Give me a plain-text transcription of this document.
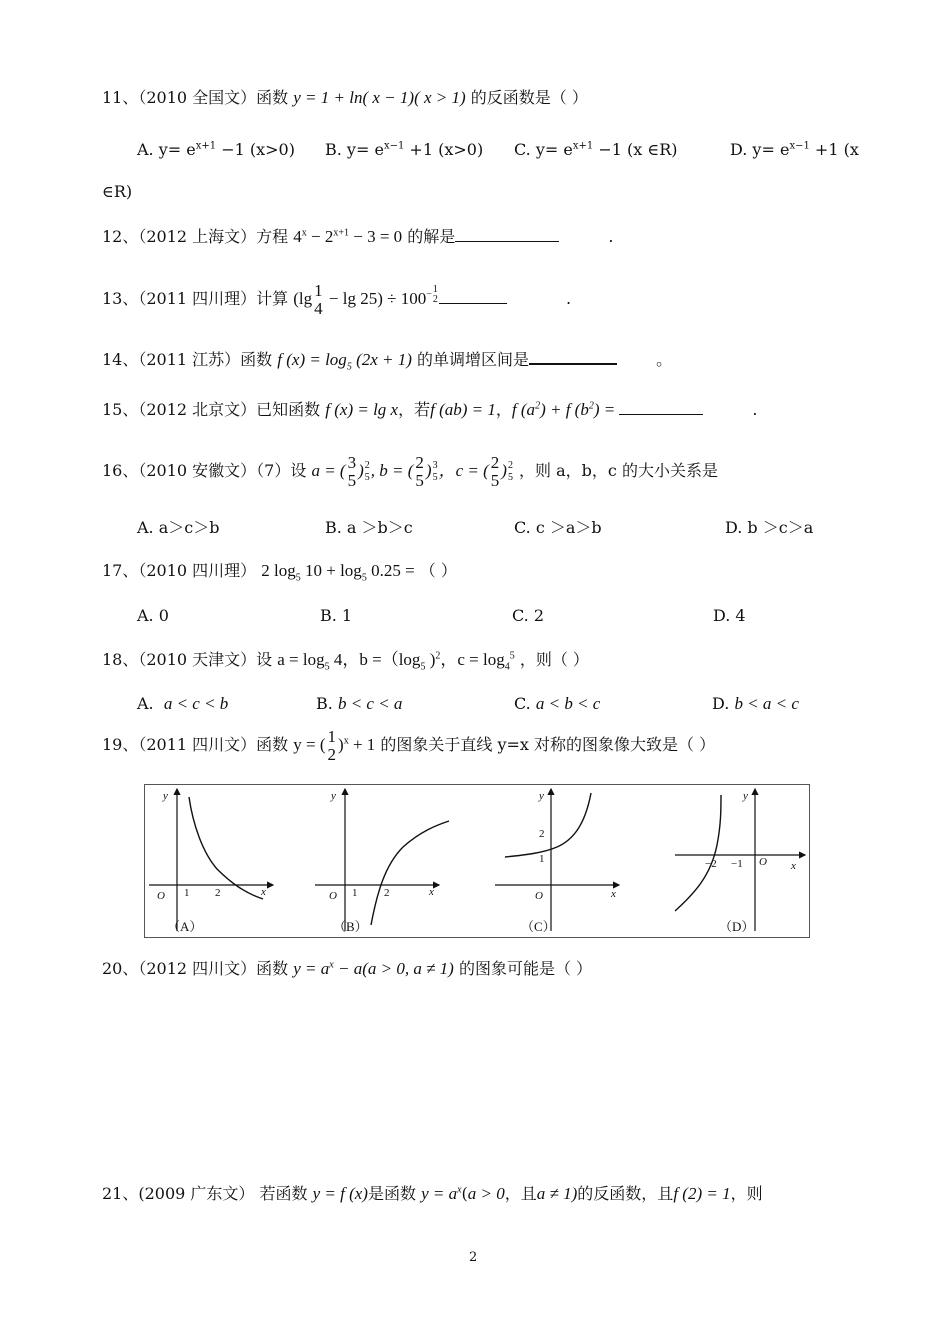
11、（2010 全国文）函数 y = 1 + ln( x − 1)( x > 1) 的反函数是（ ）
A. $y= e^{x+1} -1$ (x>0) B. $y= e^{x-1} +1$ (x>0) C. $y= e^{x+1} -1$ (x ∈R)	D. $y= e^{x-1} +1$ (x
∈R)
12、（2012 上海文）方程 $4^x - 2^{x+1} - 3 = 0$ 的解是	.
13、（2011 四川理）计算 (lg 1
4
− $\lg 25) \div 100^{- 1 2}$	.
14、（2011 江苏）函数 f $(x) = \log_5 (2x + 1)$ 的单调增区间是	。
15、（2012 北京文）已知函数 f (x) = lg x，若f (ab) = 1，f $(a^2) + f$ $(b^2)$ =	.
16、（2010 安徽文）（7）设 a = ( 3
5
) 2
5 , b = ( 2
5
) 3
5 ，c = ( 2
5
) 2
5 ，则 a，b，c 的大小关系是
A. a＞c＞b	B. a ＞b＞c	C. c ＞a＞b	D. b ＞c＞a
17、（2010 四川理） 2 $\log_5 10 + \log_5 0.25$ = （ ）
A. 0	B. 1	C. 2	D. 4
18、（2010 天津文）设 $a = \log_5 4$，$b =(\log_5$ )$^2$，$c = \log_4^5$ ，则（ ）
A. a < c < b	B. b < c < a	C. a < b < c	D. b < a < c
19、（2011 四川文）函数 y = ( 1
2
)$^x$ + 1 的图象关于直线 y=x 对称的图象像大致是（ ）
y
x
O 1 2
（A）
y
x
O 1 2
（B）
y
x
O
2
1
（C）
y
x
O
−2 −1
（D）
20、（2012 四川文）函数 $y = a^x - a(a > 0$, a ≠ 1) 的图象可能是（ ）
21、(2009 广东文） 若函数 y = f (x)是函数 $y = a^x(a > 0$，且a ≠ 1)的反函数，且f (2) = 1，则
2
